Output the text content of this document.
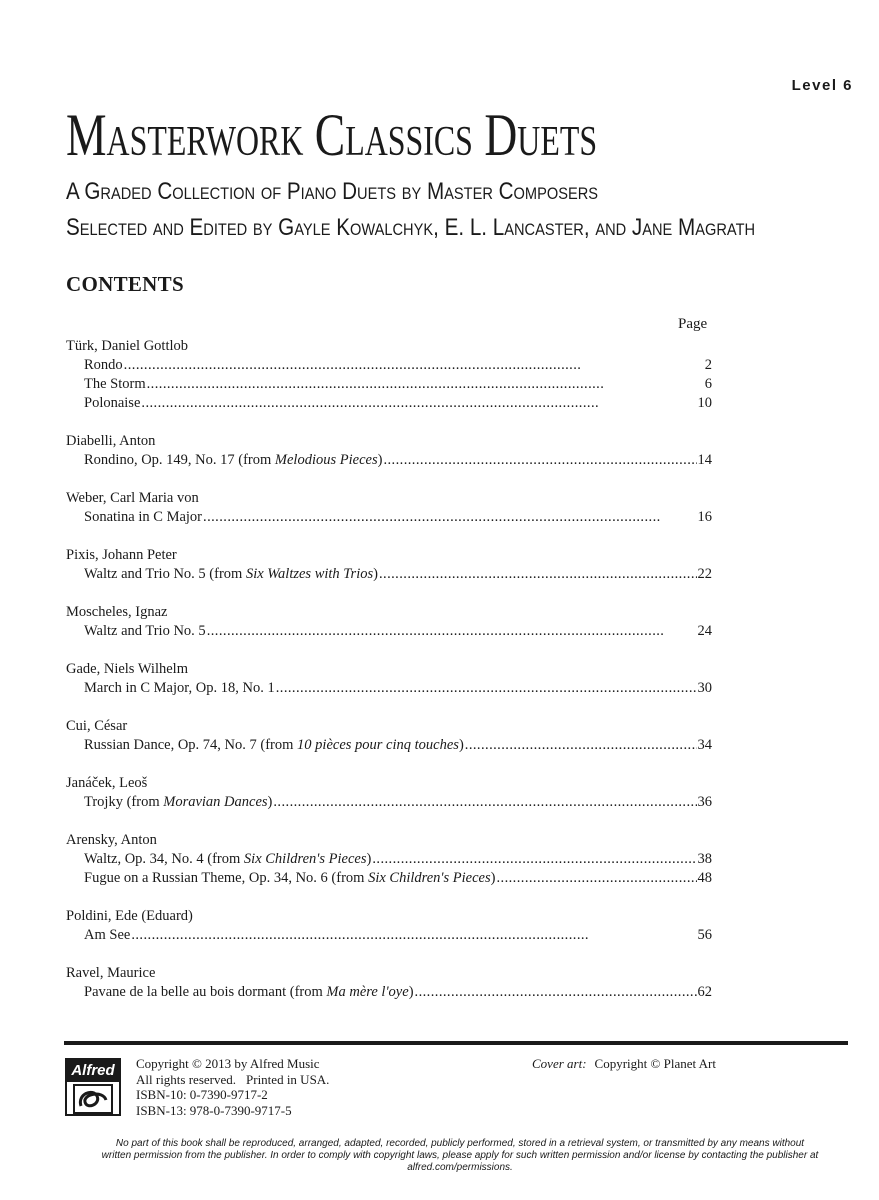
Level 6
Masterwork Classics Duets
A Graded Collection of Piano Duets by Master Composers
Selected and Edited by Gayle Kowalchyk, E. L. Lancaster, and Jane Magrath
CONTENTS
Page
Türk, Daniel Gottlob
Rondo . . .	2
The Storm . . .	6
Polonaise . . .	10
Diabelli, Anton
Rondino, Op. 149, No. 17 (from Melodious Pieces) . . .	14
Weber, Carl Maria von
Sonatina in C Major . . .	16
Pixis, Johann Peter
Waltz and Trio No. 5 (from Six Waltzes with Trios) . . .	22
Moscheles, Ignaz
Waltz and Trio No. 5 . . .	24
Gade, Niels Wilhelm
March in C Major, Op. 18, No. 1 . . .	30
Cui, César
Russian Dance, Op. 74, No. 7 (from 10 pièces pour cinq touches) . . .	34
Janáček, Leoš
Trojky (from Moravian Dances) . . .	36
Arensky, Anton
Waltz, Op. 34, No. 4 (from Six Children's Pieces) . . .	38
Fugue on a Russian Theme, Op. 34, No. 6 (from Six Children's Pieces) . . .	48
Poldini, Ede (Eduard)
Am See . . .	56
Ravel, Maurice
Pavane de la belle au bois dormant (from Ma mère l'oye) . . .	62
Alfred	Copyright © 2013 by Alfred Music
All rights reserved. Printed in USA.
ISBN-10: 0-7390-9717-2
ISBN-13: 978-0-7390-9717-5
Cover art: Copyright © Planet Art
No part of this book shall be reproduced, arranged, adapted, recorded, publicly performed, stored in a retrieval system, or transmitted by any means without written permission from the publisher. In order to comply with copyright laws, please apply for such written permission and/or license by contacting the publisher at alfred.com/permissions.
